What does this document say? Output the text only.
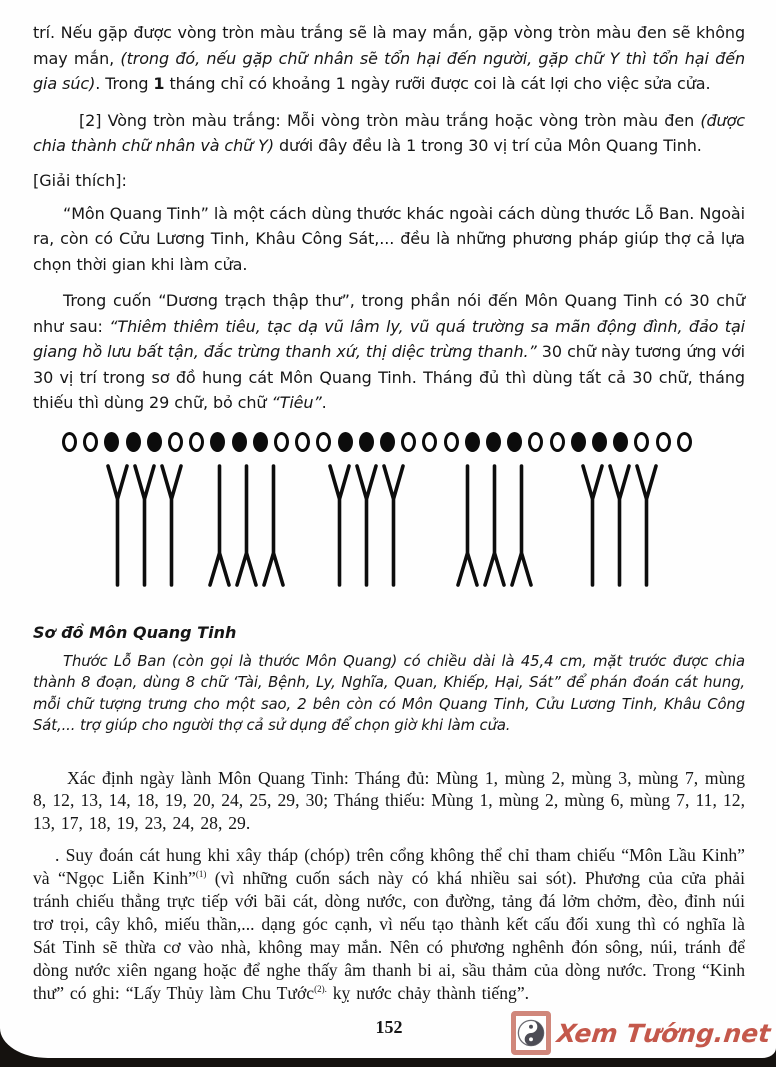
trí. Nếu gặp được vòng tròn màu trắng sẽ là may mắn, gặp vòng tròn màu đen sẽ không may mắn, (trong đó, nếu gặp chữ nhân sẽ tổn hại đến người, gặp chữ Y thì tổn hại đến gia súc). Trong 1 tháng chỉ có khoảng 1 ngày rưỡi được coi là cát lợi cho việc sửa cửa.

[2] Vòng tròn màu trắng: Mỗi vòng tròn màu trắng hoặc vòng tròn màu đen (được chia thành chữ nhân và chữ Y) dưới đây đều là 1 trong 30 vị trí của Môn Quang Tinh.

[Giải thích]:

“Môn Quang Tinh” là một cách dùng thước khác ngoài cách dùng thước Lỗ Ban. Ngoài ra, còn có Cửu Lương Tinh, Khâu Công Sát,... đều là những phương pháp giúp thợ cả lựa chọn thời gian khi làm cửa.

Trong cuốn “Dương trạch thập thư”, trong phần nói đến Môn Quang Tinh có 30 chữ như sau: “Thiêm thiêm tiêu, tạc dạ vũ lâm ly, vũ quá trường sa mãn động đình, đảo tại giang hồ lưu bất tận, đắc trừng thanh xứ, thị diệc trừng thanh.” 30 chữ này tương ứng với 30 vị trí trong sơ đồ hung cát Môn Quang Tinh. Tháng đủ thì dùng tất cả 30 chữ, tháng thiếu thì dùng 29 chữ, bỏ chữ “Tiêu”.

Sơ đồ Môn Quang Tinh

Thước Lỗ Ban (còn gọi là thước Môn Quang) có chiều dài là 45,4 cm, mặt trước được chia thành 8 đoạn, dùng 8 chữ ‘Tài, Bệnh, Ly, Nghĩa, Quan, Khiếp, Hại, Sát” để phán đoán cát hung, mỗi chữ tượng trưng cho một sao, 2 bên còn có Môn Quang Tinh, Cửu Lương Tinh, Khâu Công Sát,... trợ giúp cho người thợ cả sử dụng để chọn giờ khi làm cửa.

Xác định ngày lành Môn Quang Tinh: Tháng đủ: Mùng 1, mùng 2, mùng 3, mùng 7, mùng 8, 12, 13, 14, 18, 19, 20, 24, 25, 29, 30; Tháng thiếu: Mùng 1, mùng 2, mùng 6, mùng 7, 11, 12, 13, 17, 18, 19, 23, 24, 28, 29.

. Suy đoán cát hung khi xây tháp (chóp) trên cổng không thể chỉ tham chiếu “Môn Lầu Kinh” và “Ngọc Liễn Kinh”$^{(1)}$ (vì những cuốn sách này có khá nhiều sai sót). Phương của cửa phải tránh chiếu thẳng trực tiếp với bãi cát, dòng nước, con đường, tảng đá lởm chởm, đèo, đỉnh núi trơ trọi, cây khô, miếu thần,... dạng góc cạnh, vì nếu tạo thành kết cấu đối xung thì có nghĩa là Sát Tinh sẽ thừa cơ vào nhà, không may mắn. Nên có phương nghênh đón sông, núi, tránh để dòng nước xiên ngang hoặc để nghe thấy âm thanh bi ai, sầu thảm của dòng nước. Trong “Kinh thư” có ghi: “Lấy Thủy làm Chu Tước$^{(2).}$ kỵ nước chảy thành tiếng”.

152	Xem Tướng.net
